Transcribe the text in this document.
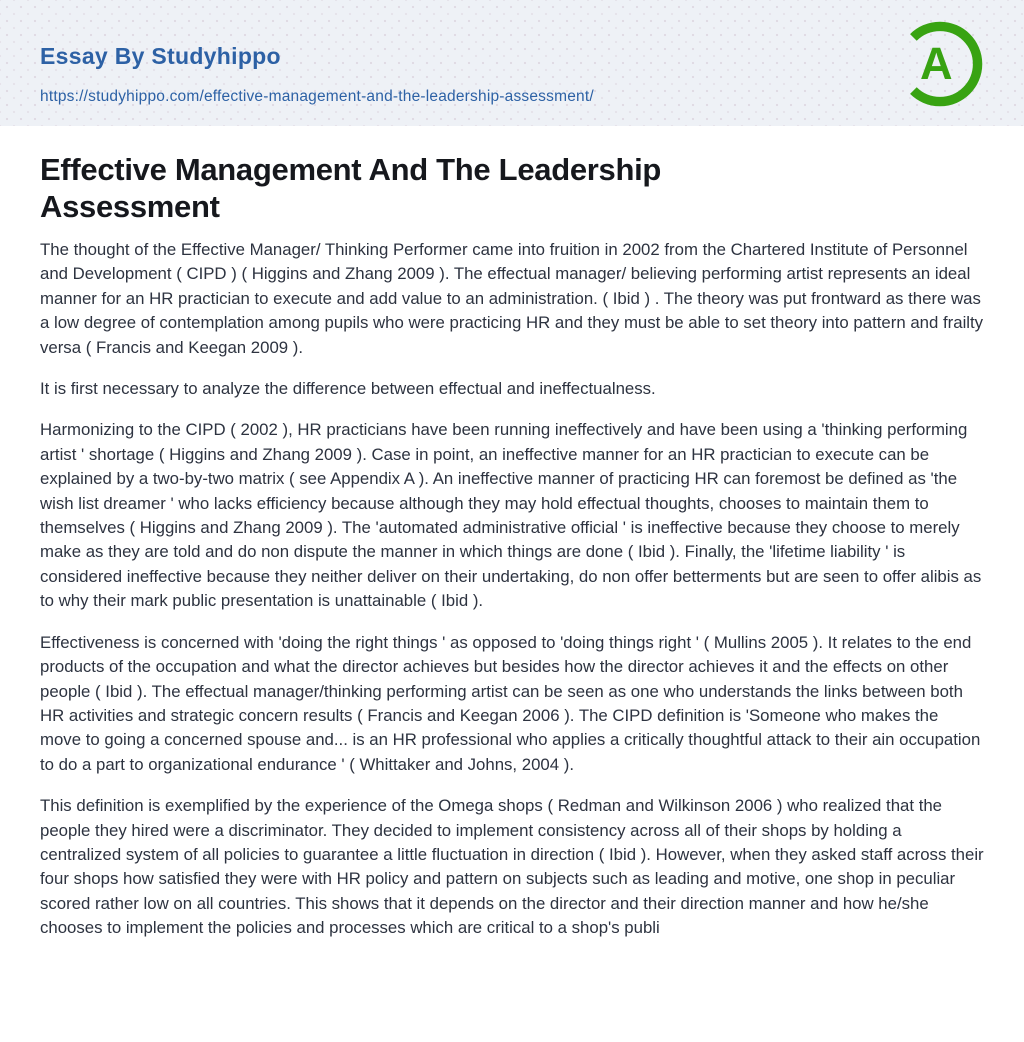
Essay By Studyhippo
https://studyhippo.com/effective-management-and-the-leadership-assessment/
A
Effective Management And The Leadership Assessment

The thought of the Effective Manager/ Thinking Performer came into fruition in 2002 from the Chartered Institute of Personnel and Development ( CIPD ) ( Higgins and Zhang 2009 ). The effectual manager/ believing performing artist represents an ideal manner for an HR practician to execute and add value to an administration. ( Ibid ) . The theory was put frontward as there was a low degree of contemplation among pupils who were practicing HR and they must be able to set theory into pattern and frailty versa ( Francis and Keegan 2009 ).

It is first necessary to analyze the difference between effectual and ineffectualness.

Harmonizing to the CIPD ( 2002 ), HR practicians have been running ineffectively and have been using a 'thinking performing artist ' shortage ( Higgins and Zhang 2009 ). Case in point, an ineffective manner for an HR practician to execute can be explained by a two-by-two matrix ( see Appendix A ). An ineffective manner of practicing HR can foremost be defined as 'the wish list dreamer ' who lacks efficiency because although they may hold effectual thoughts, chooses to maintain them to themselves ( Higgins and Zhang 2009 ). The 'automated administrative official ' is ineffective because they choose to merely make as they are told and do non dispute the manner in which things are done ( Ibid ). Finally, the 'lifetime liability ' is considered ineffective because they neither deliver on their undertaking, do non offer betterments but are seen to offer alibis as to why their mark public presentation is unattainable ( Ibid ).

Effectiveness is concerned with 'doing the right things ' as opposed to 'doing things right ' ( Mullins 2005 ). It relates to the end products of the occupation and what the director achieves but besides how the director achieves it and the effects on other people ( Ibid ). The effectual manager/thinking performing artist can be seen as one who understands the links between both HR activities and strategic concern results ( Francis and Keegan 2006 ). The CIPD definition is 'Someone who makes the move to going a concerned spouse and... is an HR professional who applies a critically thoughtful attack to their ain occupation to do a part to organizational endurance ' ( Whittaker and Johns, 2004 ).

This definition is exemplified by the experience of the Omega shops ( Redman and Wilkinson 2006 ) who realized that the people they hired were a discriminator. They decided to implement consistency across all of their shops by holding a centralized system of all policies to guarantee a little fluctuation in direction ( Ibid ). However, when they asked staff across their four shops how satisfied they were with HR policy and pattern on subjects such as leading and motive, one shop in peculiar scored rather low on all countries. This shows that it depends on the director and their direction manner and how he/she chooses to implement the policies and processes which are critical to a shop's publi
